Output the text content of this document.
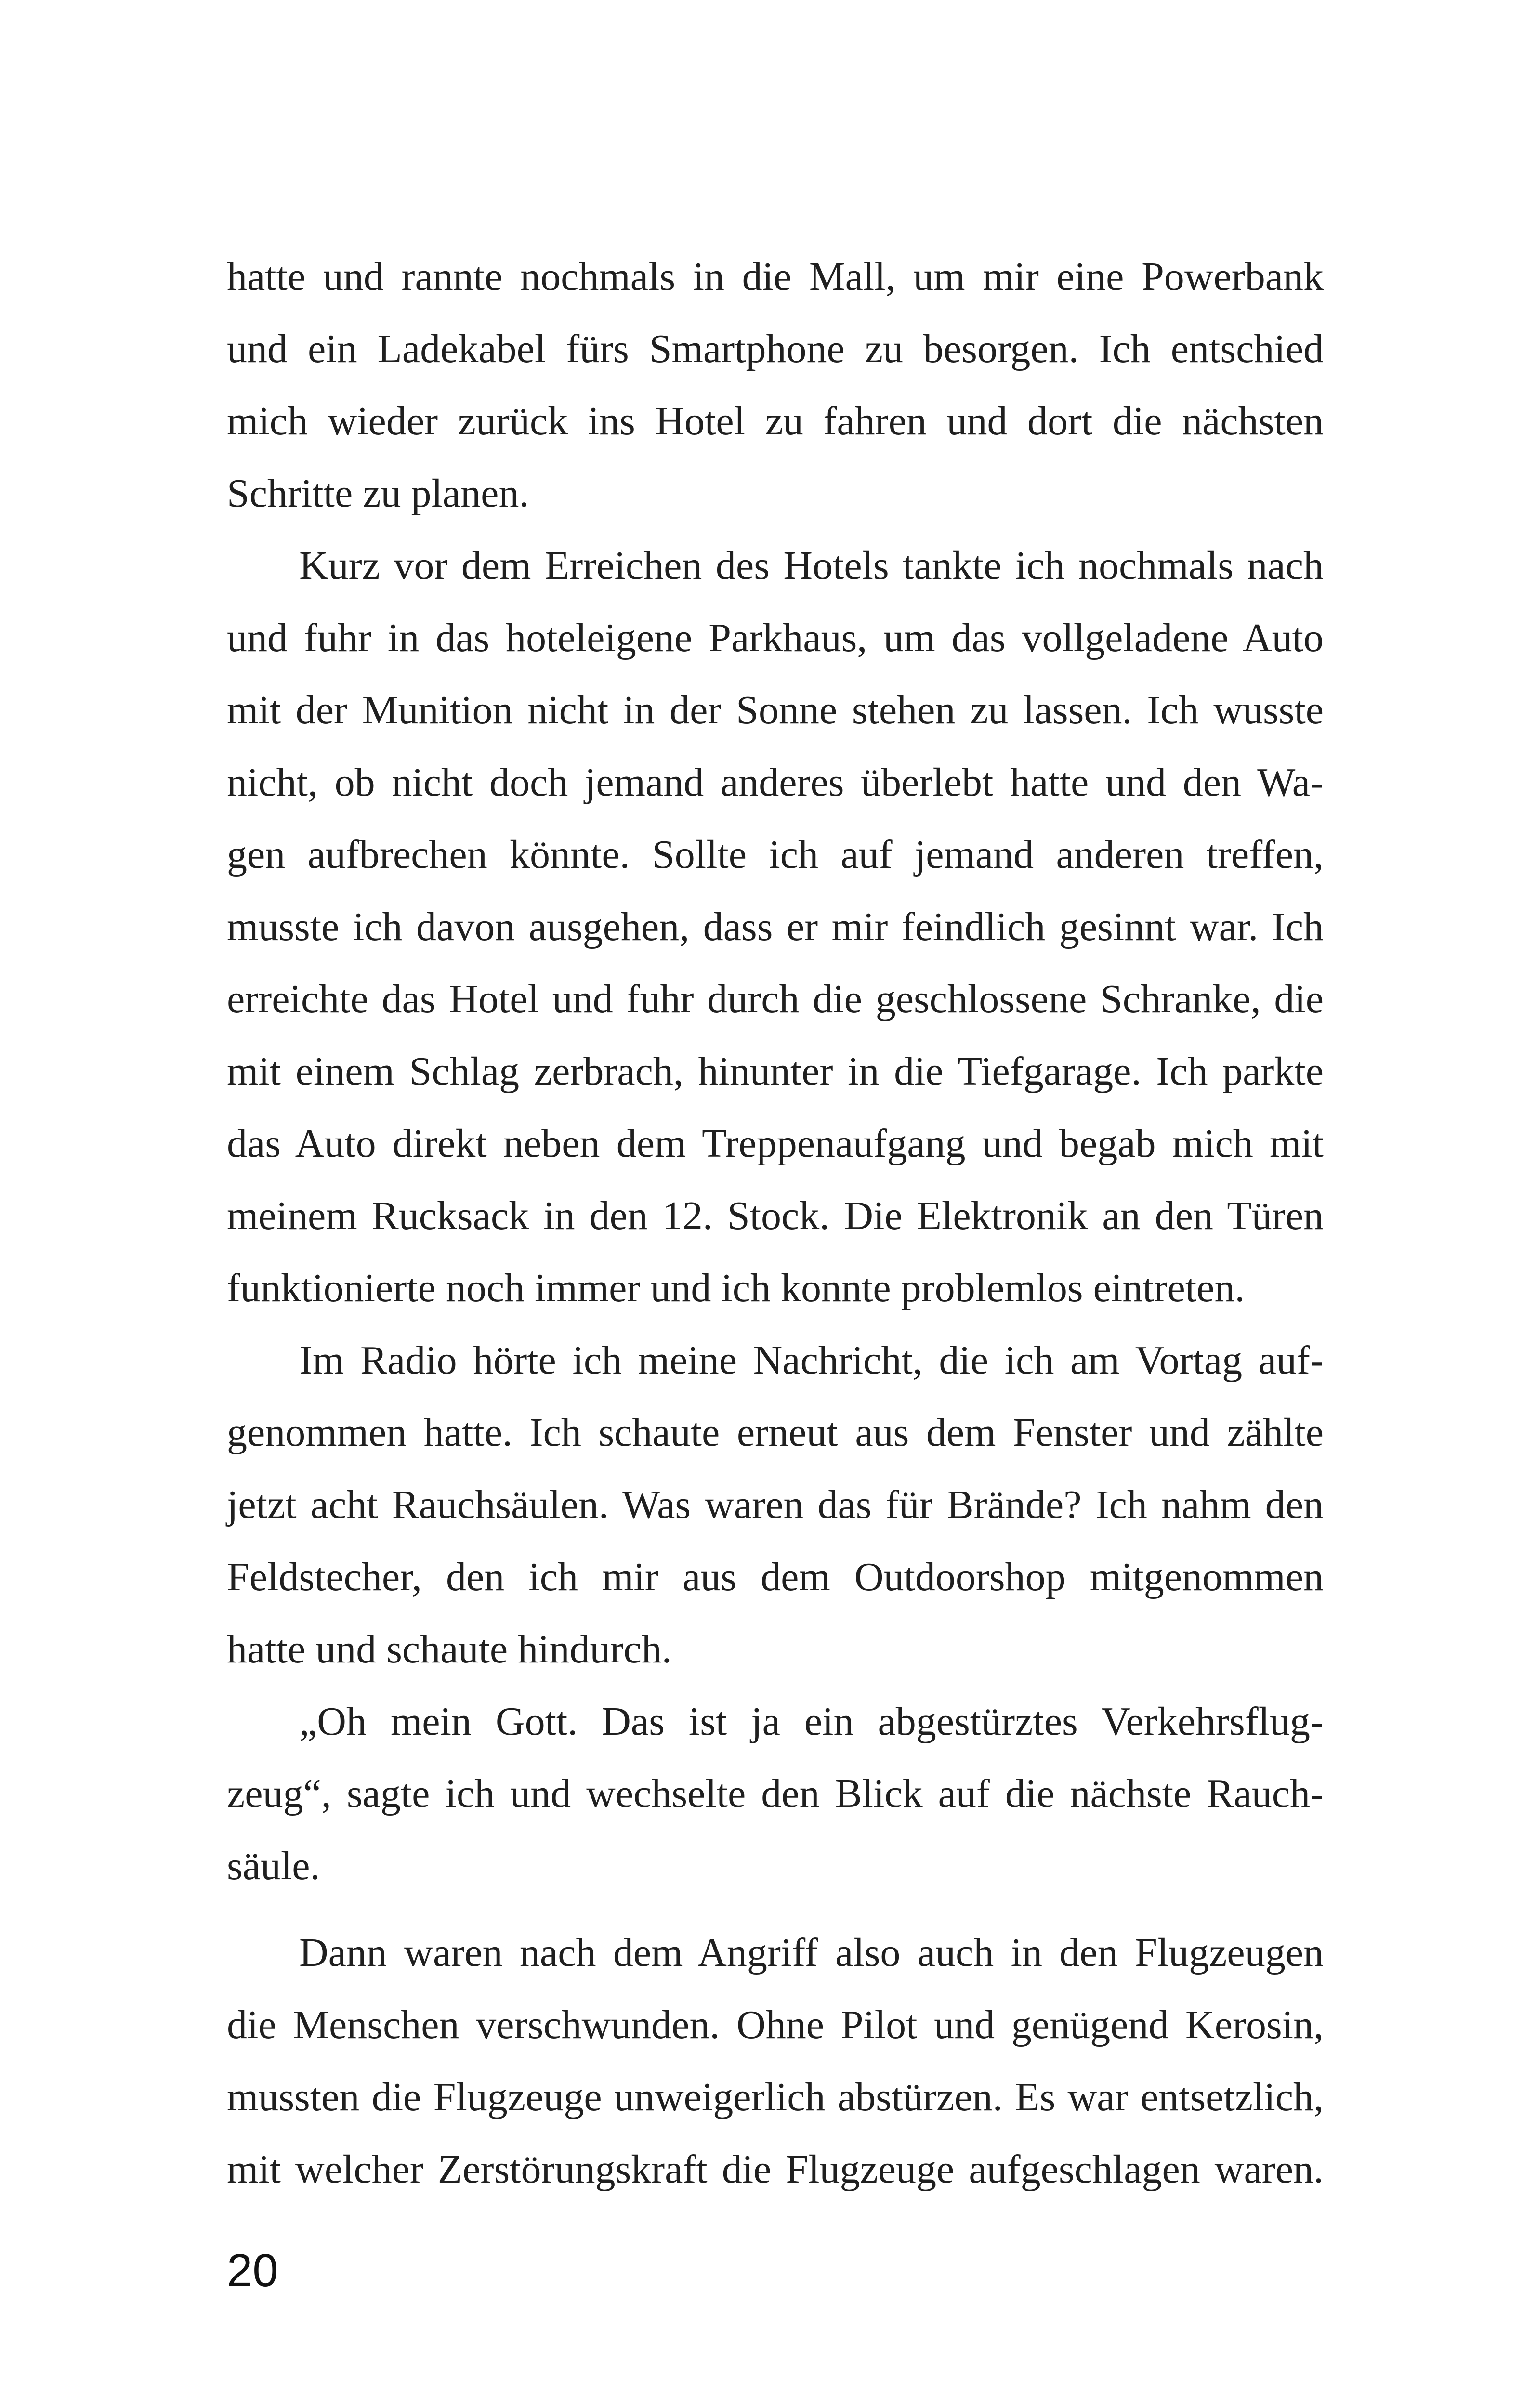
hatte und rannte nochmals in die Mall, um mir eine Powerbank
und ein Ladekabel fürs Smartphone zu besorgen. Ich entschied
mich wieder zurück ins Hotel zu fahren und dort die nächsten
Schritte zu planen.
Kurz vor dem Erreichen des Hotels tankte ich nochmals nach
und fuhr in das hoteleigene Parkhaus, um das vollgeladene Auto
mit der Munition nicht in der Sonne stehen zu lassen. Ich wusste
nicht, ob nicht doch jemand anderes überlebt hatte und den Wa-
gen aufbrechen könnte. Sollte ich auf jemand anderen treffen,
musste ich davon ausgehen, dass er mir feindlich gesinnt war. Ich
erreichte das Hotel und fuhr durch die geschlossene Schranke, die
mit einem Schlag zerbrach, hinunter in die Tiefgarage. Ich parkte
das Auto direkt neben dem Treppenaufgang und begab mich mit
meinem Rucksack in den 12. Stock. Die Elektronik an den Türen
funktionierte noch immer und ich konnte problemlos eintreten.
Im Radio hörte ich meine Nachricht, die ich am Vortag auf-
genommen hatte. Ich schaute erneut aus dem Fenster und zählte
jetzt acht Rauchsäulen. Was waren das für Brände? Ich nahm den
Feldstecher, den ich mir aus dem Outdoorshop mitgenommen
hatte und schaute hindurch.
„Oh mein Gott. Das ist ja ein abgestürztes Verkehrsflug-
zeug“, sagte ich und wechselte den Blick auf die nächste Rauch-
säule.
Dann waren nach dem Angriff also auch in den Flugzeugen
die Menschen verschwunden. Ohne Pilot und genügend Kerosin,
mussten die Flugzeuge unweigerlich abstürzen. Es war entsetzlich,
mit welcher Zerstörungskraft die Flugzeuge aufgeschlagen waren.
20
